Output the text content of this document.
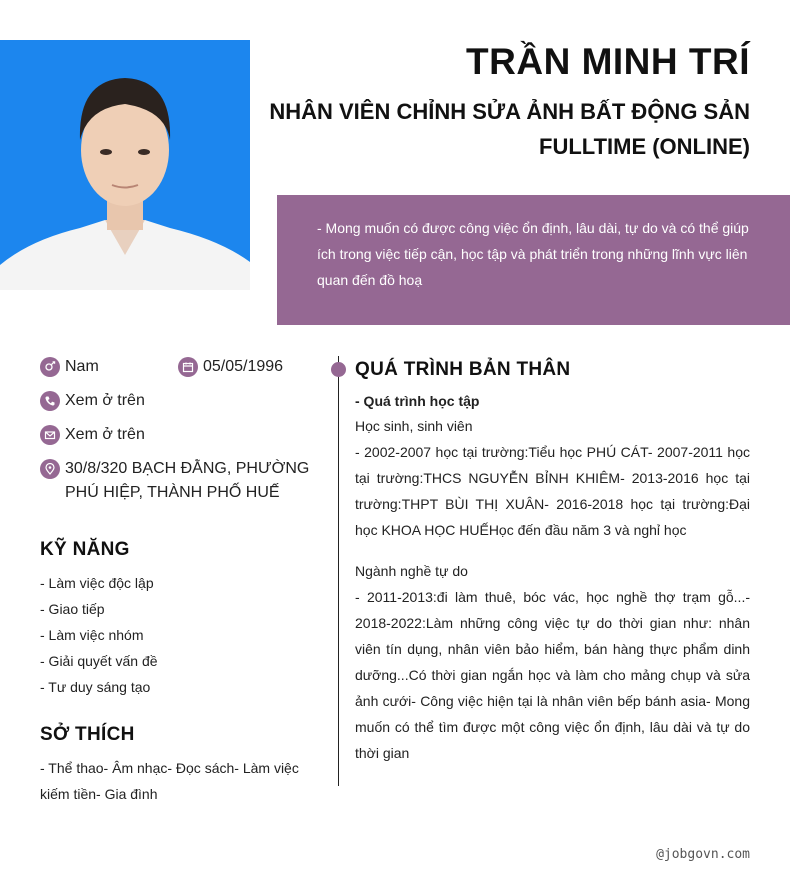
TRẦN MINH TRÍ
NHÂN VIÊN CHỈNH SỬA ẢNH BẤT ĐỘNG SẢN
FULLTIME (ONLINE)

- Mong muốn có được công việc ổn định, lâu dài, tự do và có thể giúp ích trong việc tiếp cận, học tập và phát triển trong những lĩnh vực liên quan đến đồ hoạ

Nam	05/05/1996
Xem ở trên
Xem ở trên
30/8/320 BẠCH ĐẰNG, PHƯỜNG PHÚ HIỆP, THÀNH PHỐ HUẾ
KỸ NĂNG
- Làm việc độc lập
- Giao tiếp
- Làm việc nhóm
- Giải quyết vấn đề
- Tư duy sáng tạo
SỞ THÍCH
- Thể thao- Âm nhạc- Đọc sách- Làm việc kiếm tiền- Gia đình
QUÁ TRÌNH BẢN THÂN
- Quá trình học tập
Học sinh, sinh viên
- 2002-2007 học tại trường:Tiểu học PHÚ CÁT- 2007-2011 học tại trường:THCS NGUYỄN BỈNH KHIÊM- 2013-2016 học tại trường:THPT BÙI THỊ XUÂN- 2016-2018 học tại trường:Đại học KHOA HỌC HUẾHọc đến đầu năm 3 và nghỉ học
Ngành nghề tự do
- 2011-2013:đi làm thuê, bóc vác, học nghề thợ trạm gỗ...- 2018-2022:Làm những công việc tự do thời gian như: nhân viên tín dụng, nhân viên bảo hiểm, bán hàng thực phẩm dinh dưỡng...Có thời gian ngắn học và làm cho mảng chụp và sửa ảnh cưới- Công việc hiện tại là nhân viên bếp bánh asia- Mong muốn có thể tìm được một công việc ổn định, lâu dài và tự do thời gian
@jobgovn.com
